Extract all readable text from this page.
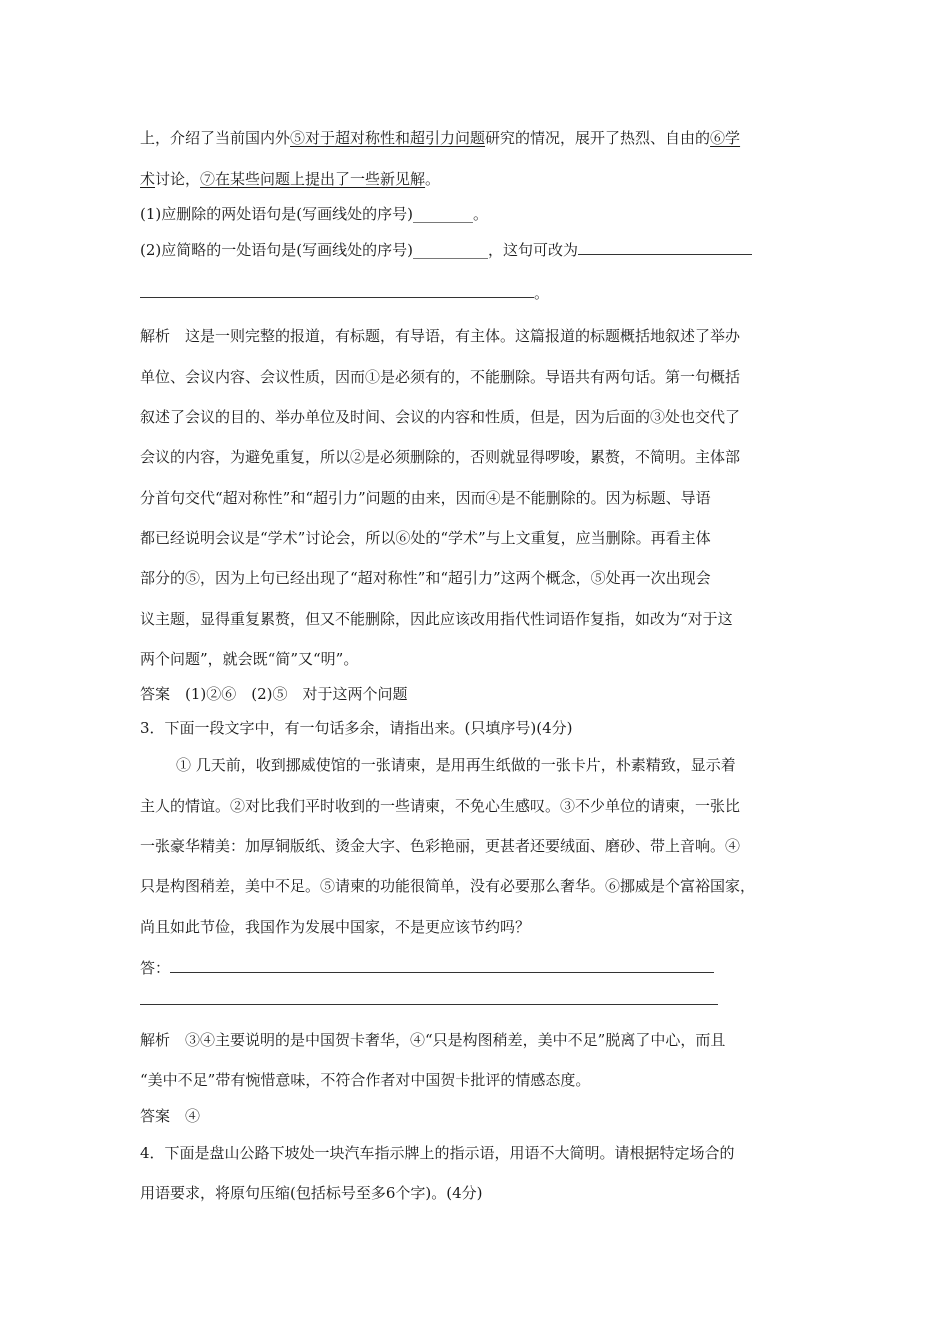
上，介绍了当前国内外⑤对于超对称性和超引力问题研究的情况，展开了热烈、自由的⑥学
术讨论，⑦在某些问题上提出了一些新见解。
(1)应删除的两处语句是(写画线处的序号)________。
(2)应简略的一处语句是(写画线处的序号)__________，这句可改为
。
解析　这是一则完整的报道，有标题，有导语，有主体。这篇报道的标题概括地叙述了举办
单位、会议内容、会议性质，因而①是必须有的，不能删除。导语共有两句话。第一句概括
叙述了会议的目的、举办单位及时间、会议的内容和性质，但是，因为后面的③处也交代了
会议的内容，为避免重复，所以②是必须删除的，否则就显得啰唆，累赘，不简明。主体部
分首句交代“超对称性”和“超引力”问题的由来，因而④是不能删除的。因为标题、导语
都已经说明会议是“学术”讨论会，所以⑥处的“学术”与上文重复，应当删除。再看主体
部分的⑤，因为上句已经出现了“超对称性”和“超引力”这两个概念，⑤处再一次出现会
议主题，显得重复累赘，但又不能删除，因此应该改用指代性词语作复指，如改为“对于这
两个问题”，就会既“简”又“明”。
答案　(1)②⑥　(2)⑤　对于这两个问题
3．下面一段文字中，有一句话多余，请指出来。(只填序号)(4分)
① 几天前，收到挪威使馆的一张请柬，是用再生纸做的一张卡片，朴素精致，显示着
主人的情谊。②对比我们平时收到的一些请柬，不免心生感叹。③不少单位的请柬，一张比
一张豪华精美：加厚铜版纸、烫金大字、色彩艳丽，更甚者还要绒面、磨砂、带上音响。④
只是构图稍差，美中不足。⑤请柬的功能很简单，没有必要那么奢华。⑥挪威是个富裕国家，
尚且如此节俭，我国作为发展中国家，不是更应该节约吗？
答：
解析　③④主要说明的是中国贺卡奢华，④“只是构图稍差，美中不足”脱离了中心，而且
“美中不足”带有惋惜意味，不符合作者对中国贺卡批评的情感态度。
答案　④
4．下面是盘山公路下坡处一块汽车指示牌上的指示语，用语不大简明。请根据特定场合的
用语要求，将原句压缩(包括标号至多6个字)。(4分)
